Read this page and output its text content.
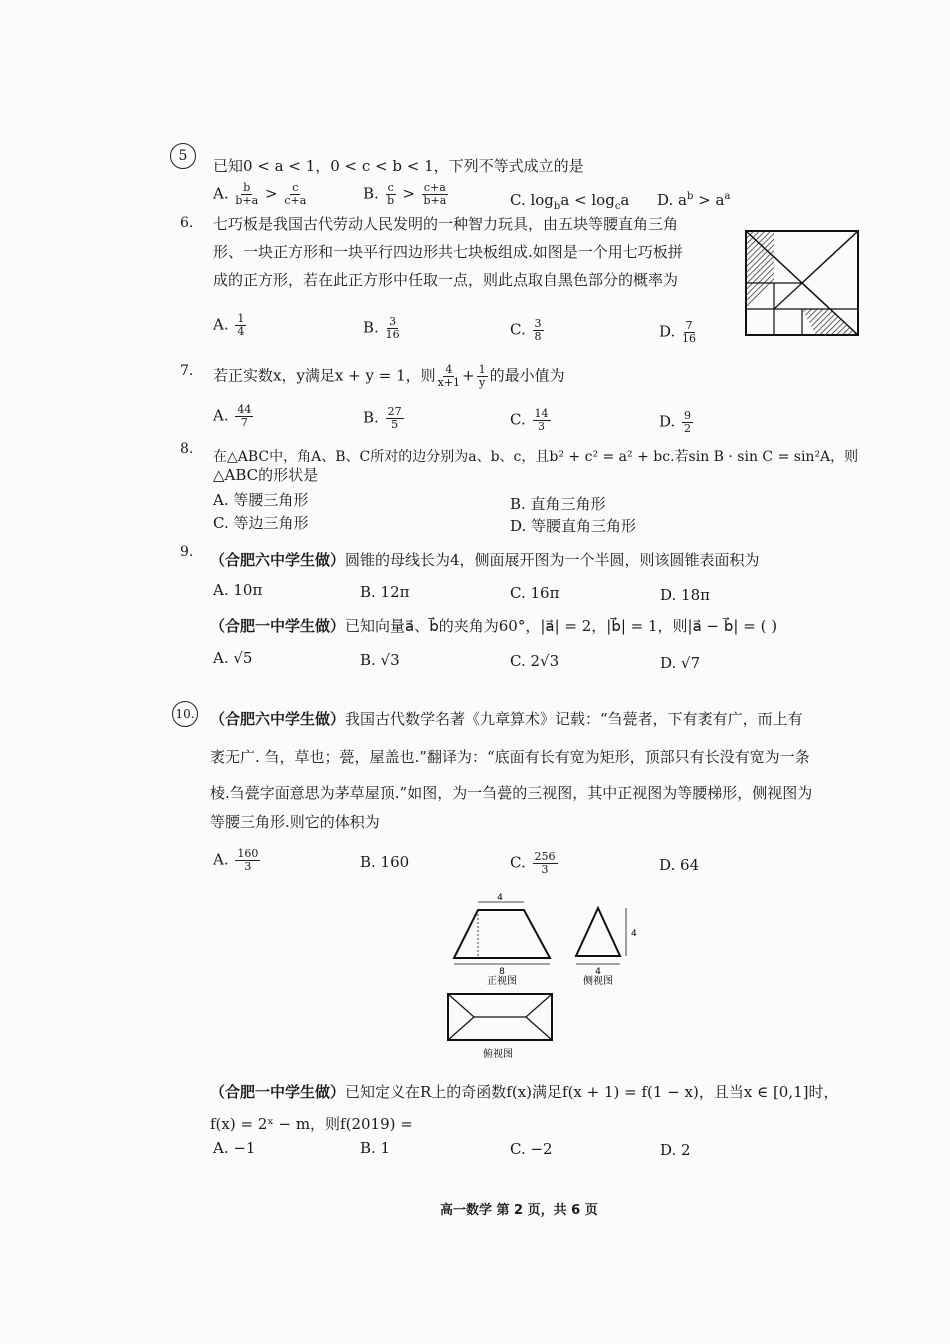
5
已知0 < a < 1，0 < c < b < 1，下列不等式成立的是
A. $\frac{b}{b+a} > \frac{c}{c+a}$	B. $\frac{c}{b} > \frac{c+a}{b+a}$	C. $\log_ba < \log_ca$ D. $a^b > a^a$
6. 七巧板是我国古代劳动人民发明的一种智力玩具，由五块等腰直角三角
形、一块正方形和一块平行四边形共七块板组成.如图是一个用七巧板拼
成的正方形，若在此正方形中任取一点，则此点取自黑色部分的概率为
A. $\frac{1}{4}$	B. $\frac{3}{16}$	C. $\frac{3}{8}$	D. $\frac{7}{16}$
7. 若正实数x，y满足x + y = 1，则 $\frac{4}{x+1} + \frac{1}{y}$ 的最小值为
A. $\frac{44}{7}$	B. $\frac{27}{5}$	C. $\frac{14}{3}$	D. $\frac{9}{2}$
8. 在△ABC中，角A、B、C所对的边分别为a、b、c，且b² + c² = a² + bc.若sin B · sin C = sin²A，则
△ABC的形状是
A. 等腰三角形	B. 直角三角形
C. 等边三角形	D. 等腰直角三角形
9. （合肥六中学生做）圆锥的母线长为4，侧面展开图为一个半圆，则该圆锥表面积为
A. 10π	B. 12π	C. 16π	D. 18π
（合肥一中学生做）已知向量a⃗、b⃗的夹角为60°，|a⃗| = 2，|b⃗| = 1，则|a⃗ − b⃗| = ( )
A. √5	B. √3	C. 2√3	D. √7
10. （合肥六中学生做）我国古代数学名著《九章算术》记载：“刍甍者，下有袤有广，而上有
袤无广. 刍，草也；甍，屋盖也.”翻译为：“底面有长有宽为矩形，顶部只有长没有宽为一条
棱.刍甍字面意思为茅草屋顶.”如图，为一刍甍的三视图，其中正视图为等腰梯形，侧视图为
等腰三角形.则它的体积为
A. $\frac{160}{3}$	B. 160	C. $\frac{256}{3}$	D. 64
4
8
正视图
4
4
侧视图
俯视图
（合肥一中学生做）已知定义在R上的奇函数f(x)满足f(x + 1) = f(1 − x)，且当x ∈ [0,1]时，
f(x) = 2ˣ − m，则f(2019) =
A. −1	B. 1	C. −2	D. 2
高一数学 第 2 页，共 6 页
